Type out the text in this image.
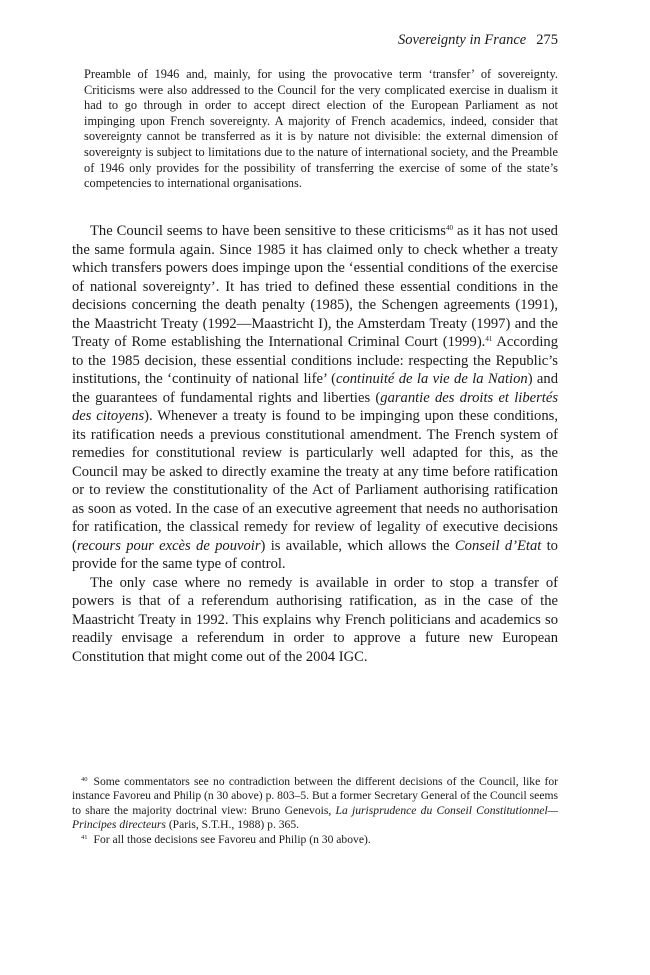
Sovereignty in France 275

Preamble of 1946 and, mainly, for using the provocative term ‘transfer’ of sovereignty. Criticisms were also addressed to the Council for the very complicated exercise in dualism it had to go through in order to accept direct election of the European Parliament as not impinging upon French sovereignty. A majority of French academics, indeed, consider that sovereignty cannot be transferred as it is by nature not divisible: the external dimension of sovereignty is subject to limitations due to the nature of international society, and the Preamble of 1946 only provides for the possibility of transferring the exercise of some of the state’s competencies to international organisations.

The Council seems to have been sensitive to these criticisms$^{40}$ as it has not used the same formula again. Since 1985 it has claimed only to check whether a treaty which transfers powers does impinge upon the ‘essential conditions of the exercise of national sovereignty’. It has tried to defined these essential conditions in the decisions concerning the death penalty (1985), the Schengen agreements (1991), the Maastricht Treaty (1992—Maastricht I), the Amsterdam Treaty (1997) and the Treaty of Rome establishing the International Criminal Court (1999).$^{41}$ According to the 1985 decision, these essential conditions include: respecting the Republic’s institutions, the ‘continuity of national life’ (continuité de la vie de la Nation) and the guarantees of fundamental rights and liberties (garantie des droits et libertés des citoyens). Whenever a treaty is found to be impinging upon these conditions, its ratification needs a previous constitutional amendment. The French system of remedies for constitutional review is particularly well adapted for this, as the Council may be asked to directly examine the treaty at any time before ratification or to review the constitutionality of the Act of Parliament authorising ratification as soon as voted. In the case of an executive agreement that needs no authorisation for ratification, the classical remedy for review of legality of executive decisions (recours pour excès de pouvoir) is available, which allows the Conseil d’Etat to provide for the same type of control.

The only case where no remedy is available in order to stop a transfer of powers is that of a referendum authorising ratification, as in the case of the Maastricht Treaty in 1992. This explains why French politicians and academics so readily envisage a referendum in order to approve a future new European Constitution that might come out of the 2004 IGC.

$^{40}$ Some commentators see no contradiction between the different decisions of the Council, like for instance Favoreu and Philip (n 30 above) p. 803–5. But a former Secretary General of the Council seems to share the majority doctrinal view: Bruno Genevois, La jurisprudence du Conseil Constitutionnel—Principes directeurs (Paris, S.T.H., 1988) p. 365.

$^{41}$ For all those decisions see Favoreu and Philip (n 30 above).
